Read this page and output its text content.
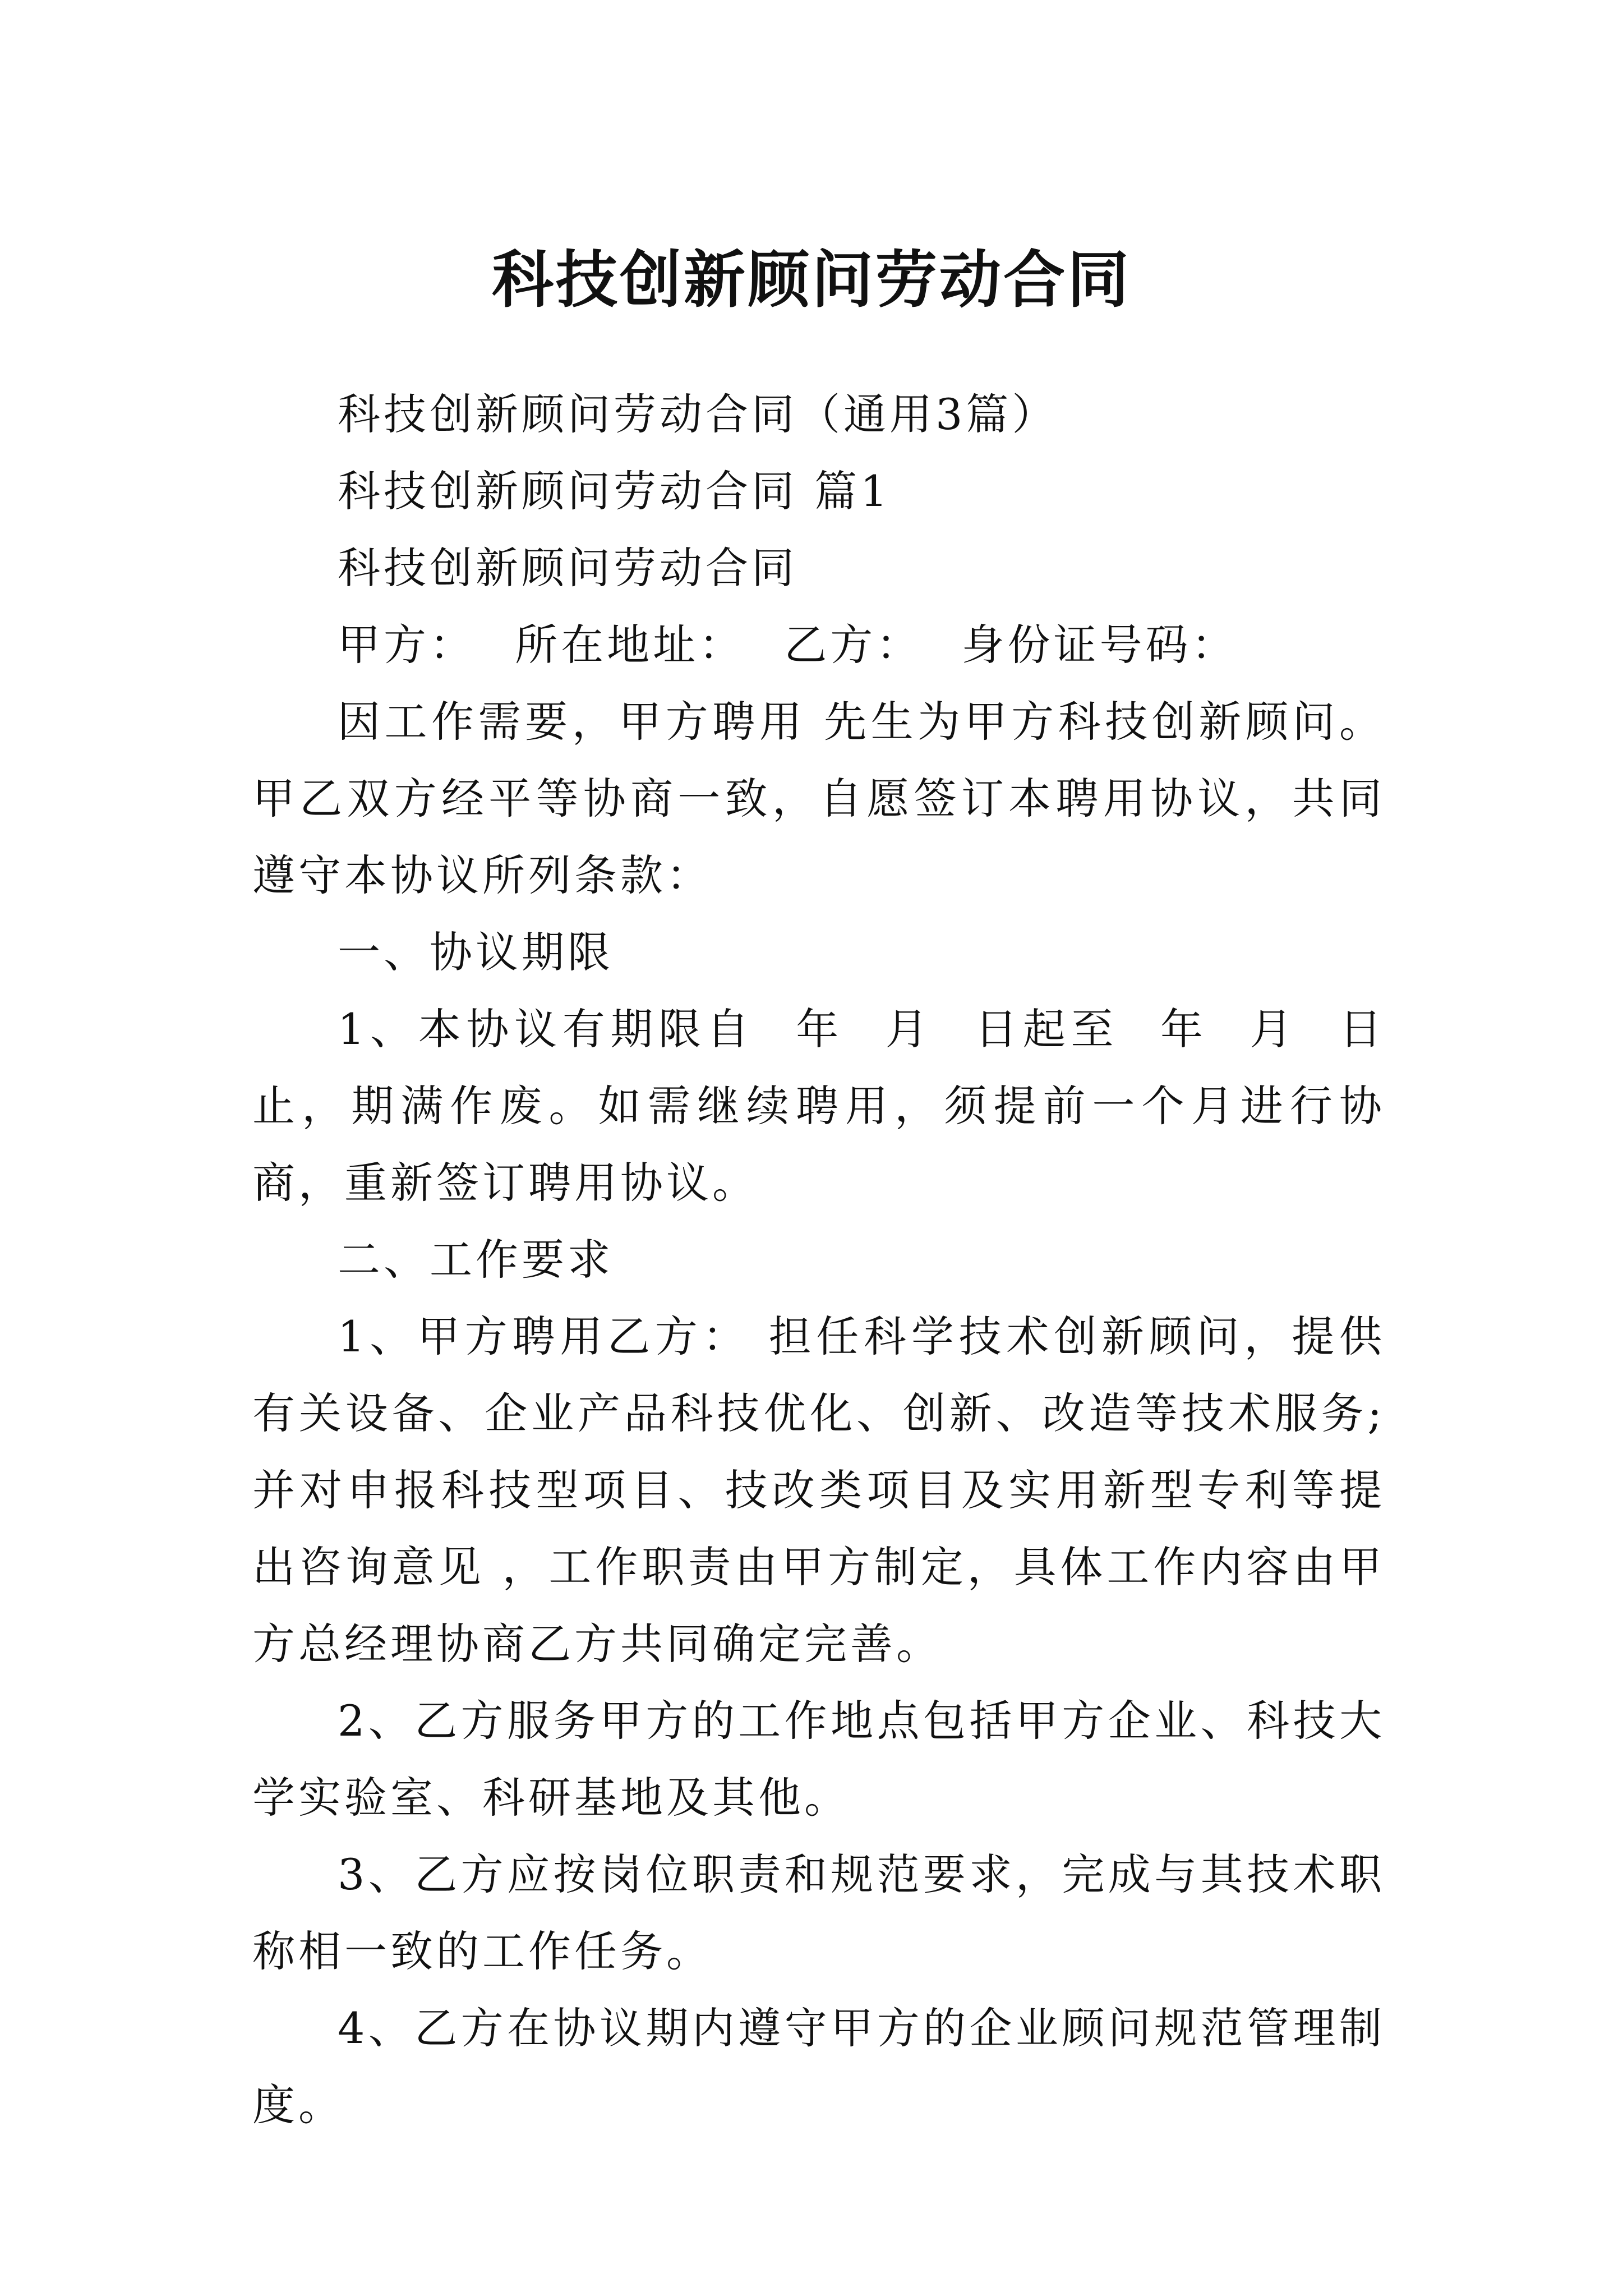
科技创新顾问劳动合同

科技创新顾问劳动合同（通用3篇）

科技创新顾问劳动合同 篇1

科技创新顾问劳动合同

甲方： 所在地址： 乙方： 身份证号码：

因工作需要，甲方聘用 先生为甲方科技创新顾问。甲乙双方经平等协商一致，自愿签订本聘用协议，共同遵守本协议所列条款：

一、协议期限

1、本协议有期限自 年 月 日起至 年 月 日止，期满作废。如需继续聘用，须提前一个月进行协商，重新签订聘用协议。

二、工作要求

1、甲方聘用乙方： 担任科学技术创新顾问，提供有关设备、企业产品科技优化、创新、改造等技术服务;并对申报科技型项目、技改类项目及实用新型专利等提出咨询意见 ，工作职责由甲方制定，具体工作内容由甲方总经理协商乙方共同确定完善。

2、乙方服务甲方的工作地点包括甲方企业、科技大学实验室、科研基地及其他。

3、乙方应按岗位职责和规范要求，完成与其技术职称相一致的工作任务。

4、乙方在协议期内遵守甲方的企业顾问规范管理制度。
